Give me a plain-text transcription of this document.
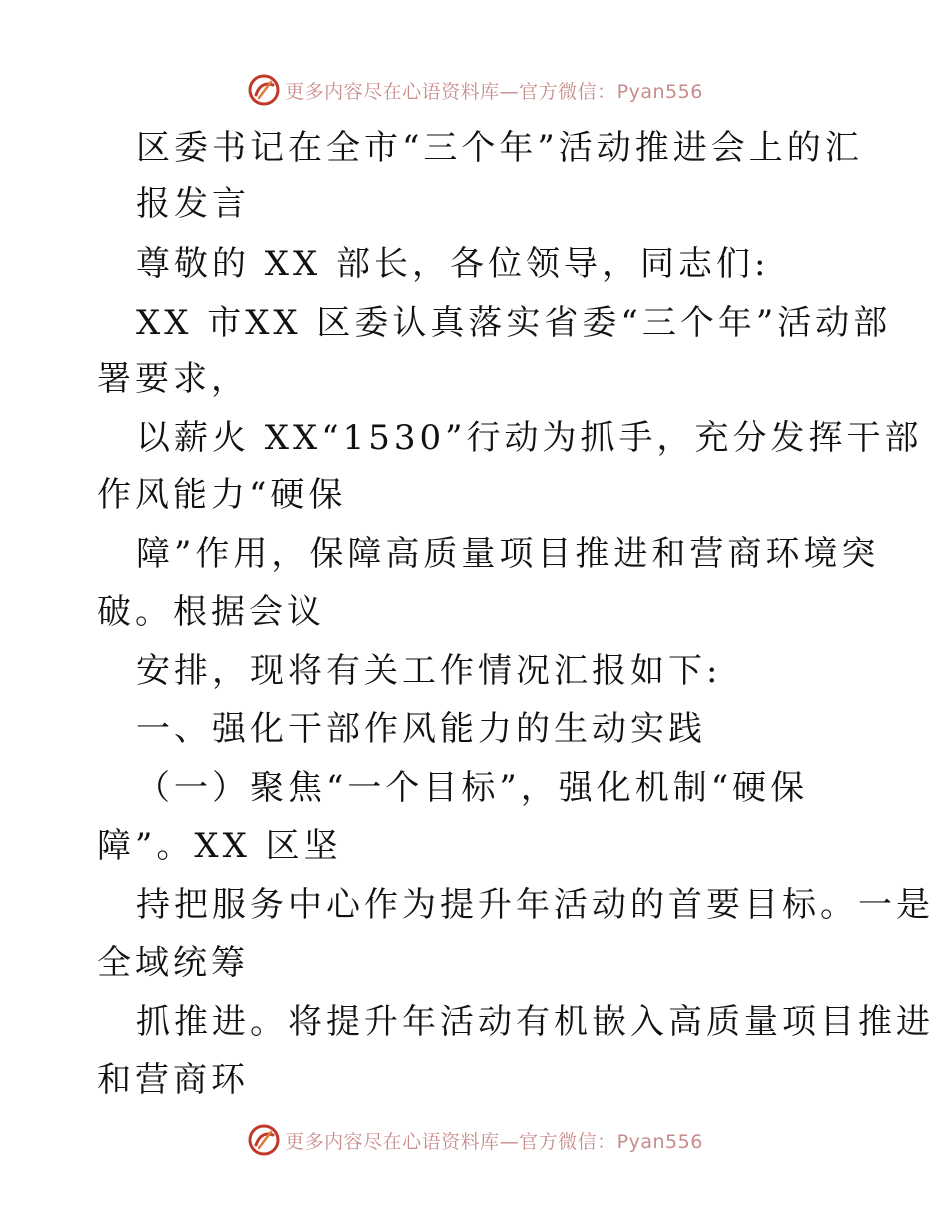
更多内容尽在心语资料库—官方微信：Pyan556
区委书记在全市“三个年”活动推进会上的汇
报发言
尊敬的 XX 部长，各位领导，同志们:
XX 市XX 区委认真落实省委“三个年”活动部
署要求，
以薪火 XX“1530”行动为抓手，充分发挥干部
作风能力“硬保
障”作用，保障高质量项目推进和营商环境突
破。根据会议
安排，现将有关工作情况汇报如下:
一、强化干部作风能力的生动实践
（一）聚焦“一个目标”，强化机制“硬保
障”。XX 区坚
持把服务中心作为提升年活动的首要目标。一是
全域统筹
抓推进。将提升年活动有机嵌入高质量项目推进
和营商环
更多内容尽在心语资料库—官方微信：Pyan556
